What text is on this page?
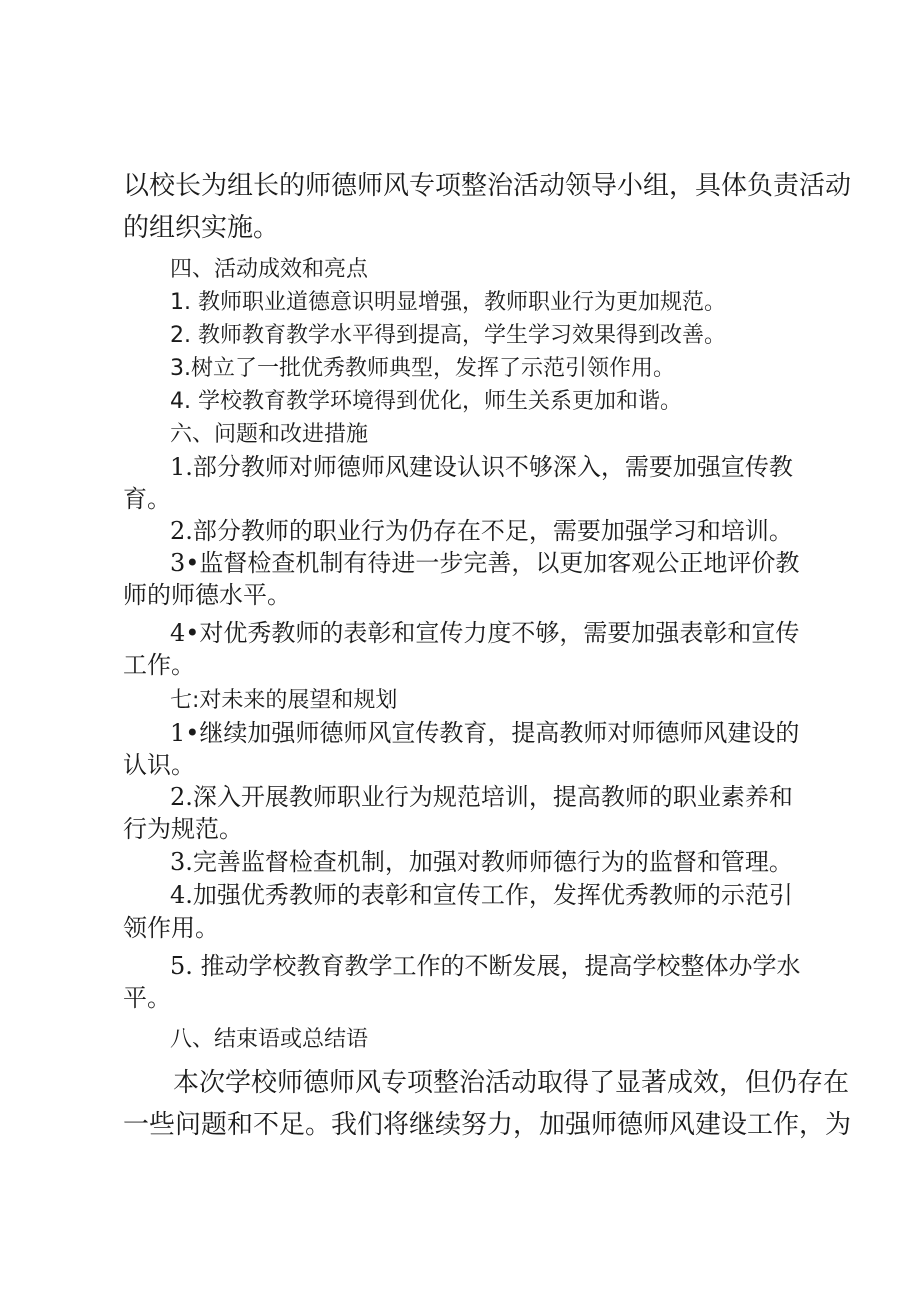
以校长为组长的师德师风专项整治活动领导小组，具体负责活动
的组织实施。
四、活动成效和亮点
1. 教师职业道德意识明显增强，教师职业行为更加规范。
2. 教师教育教学水平得到提高，学生学习效果得到改善。
3.树立了一批优秀教师典型，发挥了示范引领作用。
4. 学校教育教学环境得到优化，师生关系更加和谐。
六、问题和改进措施
1.部分教师对师德师风建设认识不够深入，需要加强宣传教
育。
2.部分教师的职业行为仍存在不足，需要加强学习和培训。
3•监督检查机制有待进一步完善，以更加客观公正地评价教
师的师德水平。
4•对优秀教师的表彰和宣传力度不够，需要加强表彰和宣传
工作。
七:对未来的展望和规划
1•继续加强师德师风宣传教育，提高教师对师德师风建设的
认识。
2.深入开展教师职业行为规范培训，提高教师的职业素养和
行为规范。
3.完善监督检查机制，加强对教师师德行为的监督和管理。
4.加强优秀教师的表彰和宣传工作，发挥优秀教师的示范引
领作用。
5. 推动学校教育教学工作的不断发展，提高学校整体办学水
平。
八、结束语或总结语
本次学校师德师风专项整治活动取得了显著成效，但仍存在
一些问题和不足。我们将继续努力，加强师德师风建设工作，为
